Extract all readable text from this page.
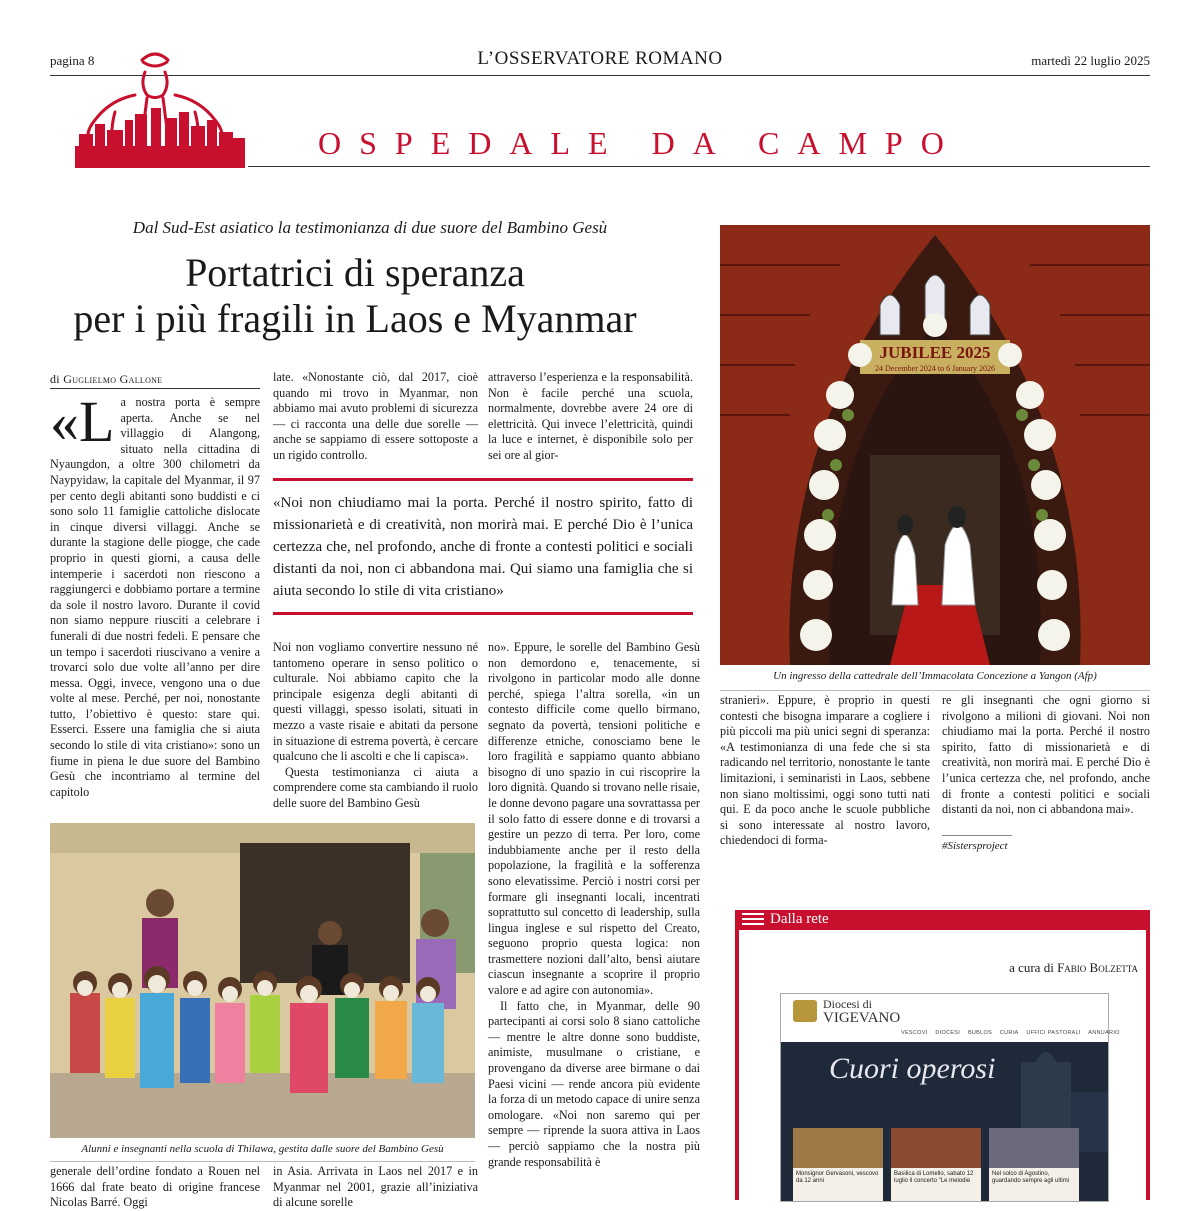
pagina 8	L’OSSERVATORE ROMANO	martedì 22 luglio 2025
OSPEDALE DA CAMPO
Dal Sud-Est asiatico la testimonianza di due suore del Bambino Gesù
Portatrici di speranza
per i più fragili in Laos e Myanmar
di Guglielmo Gallone
«L a nostra porta è sempre aperta. Anche se nel villaggio di Alangong, situato nella cittadina di Nyaungdon, a oltre 300 chilometri da Naypyidaw, la capitale del Myanmar, il 97 per cento degli abitanti sono buddisti e ci sono solo 11 famiglie cattoliche dislocate in cinque diversi villaggi. Anche se durante la stagione delle piogge, che cade proprio in questi giorni, a causa delle intemperie i sacerdoti non riescono a raggiungerci e dobbiamo portare a termine da sole il nostro lavoro. Durante il covid non siamo neppure riusciti a celebrare i funerali di due nostri fedeli. E pensare che un tempo i sacerdoti riuscivano a venire a trovarci solo due volte all’anno per dire messa. Oggi, invece, vengono una o due volte al mese. Perché, per noi, nonostante tutto, l’obiettivo è questo: stare qui. Esserci. Essere una famiglia che si aiuta secondo lo stile di vita cristiano»: sono un fiume in piena le due suore del Bambino Gesù che incontriamo al termine del capitolo

late. «Nonostante ciò, dal 2017, cioè quando mi trovo in Myanmar, non abbiamo mai avuto problemi di sicurezza — ci racconta una delle due sorelle — anche se sappiamo di essere sottoposte a un rigido controllo.

attraverso l’esperienza e la responsabilità. Non è facile perché una scuola, normalmente, dovrebbe avere 24 ore di elettricità. Qui invece l’elettricità, quindi la luce e internet, è disponibile solo per sei ore al gior-

«Noi non chiudiamo mai la porta. Perché il nostro spirito, fatto di missionarietà e di creatività, non morirà mai. E perché Dio è l’unica certezza che, nel profondo, anche di fronte a contesti politici e sociali distanti da noi, non ci abbandona mai. Qui siamo una famiglia che si aiuta secondo lo stile di vita cristiano»

Noi non vogliamo convertire nessuno né tantomeno operare in senso politico o culturale. Noi abbiamo capito che la principale esigenza degli abitanti di questi villaggi, spesso isolati, situati in mezzo a vaste risaie e abitati da persone in situazione di estrema povertà, è cercare qualcuno che li ascolti e che li capisca».

Questa testimonianza ci aiuta a comprendere come sta cambiando il ruolo delle suore del Bambino Gesù

no». Eppure, le sorelle del Bambino Gesù non demordono e, tenacemente, si rivolgono in particolar modo alle donne perché, spiega l’altra sorella, «in un contesto difficile come quello birmano, segnato da povertà, tensioni politiche e differenze etniche, conosciamo bene le loro fragilità e sappiamo quanto abbiano bisogno di uno spazio in cui riscoprire la loro dignità. Quando si trovano nelle risaie, le donne devono pagare una sovrattassa per il solo fatto di essere donne e di trovarsi a gestire un pezzo di terra. Per loro, come indubbiamente anche per il resto della popolazione, la fragilità e la sofferenza sono elevatissime. Perciò i nostri corsi per formare gli insegnanti locali, incentrati soprattutto sul concetto di leadership, sulla lingua inglese e sul rispetto del Creato, seguono proprio questa logica: non trasmettere nozioni dall’alto, bensì aiutare ciascun insegnante a scoprire il proprio valore e ad agire con autonomia».

Il fatto che, in Myanmar, delle 90 partecipanti ai corsi solo 8 siano cattoliche — mentre le altre donne sono buddiste, animiste, musulmane o cristiane, e provengano da diverse aree birmane o dai Paesi vicini — rende ancora più evidente la forza di un metodo capace di unire senza omologare. «Noi non saremo qui per sempre — riprende la suora attiva in Laos — perciò sappiamo che la nostra più grande responsabilità è

JUBILEE 2025
24 December 2024 to 6 January 2026
Un ingresso della cattedrale dell’Immacolata Concezione a Yangon (Afp)

stranieri». Eppure, è proprio in questi contesti che bisogna imparare a cogliere i più piccoli ma più unici segni di speranza: «A testimonianza di una fede che si sta radicando nel territorio, nonostante le tante limitazioni, i seminaristi in Laos, sebbene non siano moltissimi, oggi sono tutti nati qui. E da poco anche le scuole pubbliche si sono interessate al nostro lavoro, chiedendoci di forma-

re gli insegnanti che ogni giorno si rivolgono a milioni di giovani. Noi non chiudiamo mai la porta. Perché il nostro spirito, fatto di missionarietà e di creatività, non morirà mai. E perché Dio è l’unica certezza che, nel profondo, anche di fronte a contesti politici e sociali distanti da noi, non ci abbandona mai».

#Sistersproject
Alunni e insegnanti nella scuola di Thilawa, gestita dalle suore del Bambino Gesù

generale dell’ordine fondato a Rouen nel 1666 dal frate beato di origine francese Nicolas Barré. Oggi

in Asia. Arrivata in Laos nel 2017 e in Myanmar nel 2001, grazie all’iniziativa di alcune sorelle

Dalla rete
a cura di Fabio Bolzetta
Diocesi di
VIGEVANO
VESCOVI DIOCESI BUBLOS CURIA UFFICI PASTORALI ANNUARIO
Cuori operosi
Monsignor Gervasoni, vescovo da 12 anni
Basilica di Lomello, sabato 12 luglio il concerto "Le melodie
Nel solco di Agostino, guardando sempre agli ultimi
